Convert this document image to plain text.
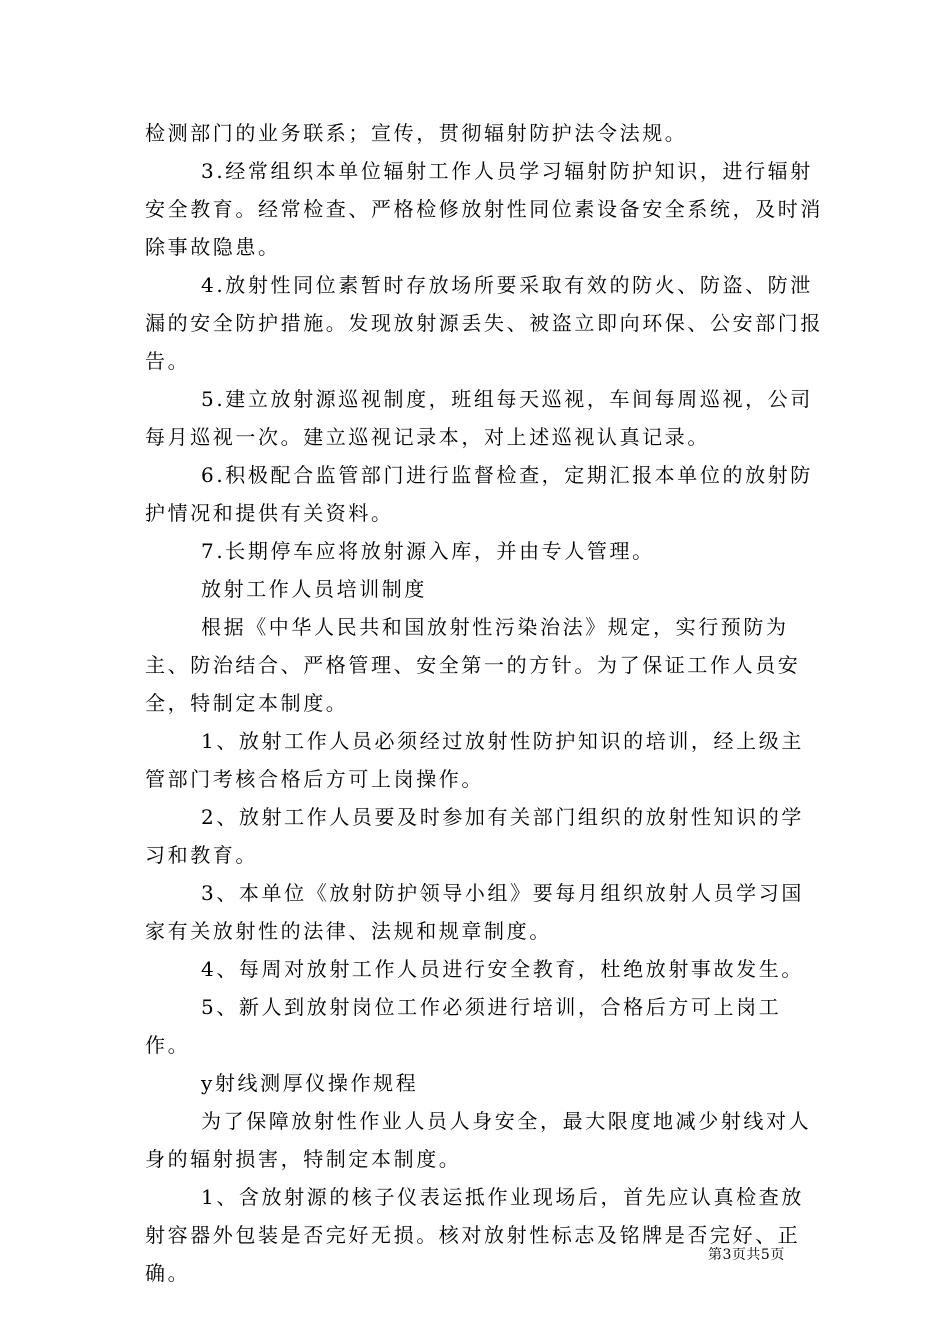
检测部门的业务联系；宣传，贯彻辐射防护法令法规。

3.经常组织本单位辐射工作人员学习辐射防护知识，进行辐射安全教育。经常检查、严格检修放射性同位素设备安全系统，及时消除事故隐患。

4.放射性同位素暂时存放场所要采取有效的防火、防盗、防泄漏的安全防护措施。发现放射源丢失、被盗立即向环保、公安部门报告。

5.建立放射源巡视制度，班组每天巡视，车间每周巡视，公司每月巡视一次。建立巡视记录本，对上述巡视认真记录。

6.积极配合监管部门进行监督检查，定期汇报本单位的放射防护情况和提供有关资料。

7.长期停车应将放射源入库，并由专人管理。

放射工作人员培训制度

根据《中华人民共和国放射性污染治法》规定，实行预防为主、防治结合、严格管理、安全第一的方针。为了保证工作人员安全，特制定本制度。

1、放射工作人员必须经过放射性防护知识的培训，经上级主管部门考核合格后方可上岗操作。

2、放射工作人员要及时参加有关部门组织的放射性知识的学习和教育。

3、本单位《放射防护领导小组》要每月组织放射人员学习国家有关放射性的法律、法规和规章制度。

4、每周对放射工作人员进行安全教育，杜绝放射事故发生。

5、新人到放射岗位工作必须进行培训，合格后方可上岗工作。

y射线测厚仪操作规程

为了保障放射性作业人员人身安全，最大限度地减少射线对人身的辐射损害，特制定本制度。

1、含放射源的核子仪表运抵作业现场后，首先应认真检查放射容器外包装是否完好无损。核对放射性标志及铭牌是否完好、正确。

第3页共5页
